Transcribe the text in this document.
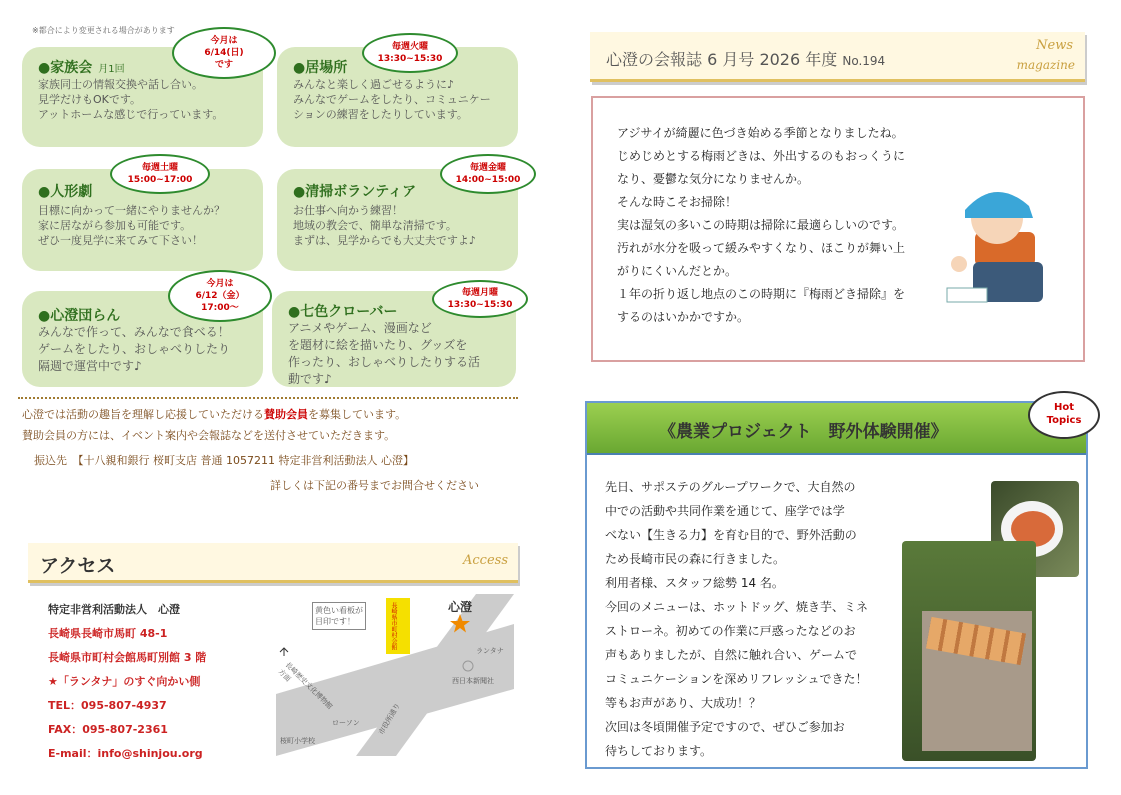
※都合により変更される場合があります
●家族会 月1回
家族同士の情報交換や話し合い。
見学だけもOKです。
アットホームな感じで行っています。
今月は
6/14(日)
です	●居場所
みんなと楽しく過ごせるように♪
みんなでゲームをしたり、コミュニケー
ションの練習をしたりしています。
毎週火曜
13:30~15:30
●人形劇
目標に向かって一緒にやりませんか？
家に居ながら参加も可能です。
ぜひ一度見学に来てみて下さい！
毎週土曜
15:00~17:00
●清掃ボランティア
お仕事へ向かう練習！
地域の教会で、簡単な清掃です。
まずは、見学からでも大丈夫ですよ♪
毎週金曜
14:00~15:00
●心澄団らん
みんなで作って、みんなで食べる！
ゲームをしたり、おしゃべりしたり
隔週で運営中です♪
今月は
6/12（金）
17:00～	●七色クローバー
アニメやゲーム、漫画など
を題材に絵を描いたり、グッズを
作ったり、おしゃべりしたりする活
動です♪
毎週月曜
13:30~15:30
心澄では活動の趣旨を理解し応援していただける賛助会員を募集しています。
賛助会員の方には、イベント案内や会報誌などを送付させていただきます。
振込先　【十八親和銀行 桜町支店 普通 1057211 特定非営利活動法人 心澄】
詳しくは下記の番号までお問合せください
アクセス	Access
特定非営利活動法人　心澄
長崎県長崎市馬町 48-1
長崎県市町村会館馬町別館 3 階
★「ランタナ」のすぐ向かい側
TEL：095-807-4937
FAX：095-807-2361
E-mail：info@shinjou.org
黄色い看板が
目印です！
心澄
長崎県市町村会館
ランタナ
西日本新聞社
ローソン
桜町小学校
長崎歴史文化博物館
方面
市役所通り
心澄の会報誌 6 月号 2026 年度 No.194
News
magazine
アジサイが綺麗に色づき始める季節となりましたね。
じめじめとする梅雨どきは、外出するのもおっくうに
なり、憂鬱な気分になりませんか。
そんな時こそお掃除！
実は湿気の多いこの時期は掃除に最適らしいのです。
汚れが水分を吸って緩みやすくなり、ほこりが舞い上
がりにくいんだとか。
１年の折り返し地点のこの時期に『梅雨どき掃除』を
するのはいかかですか。
《農業プロジェクト　野外体験開催》
先日、サポステのグループワークで、大自然の
中での活動や共同作業を通じて、座学では学
べない【生きる力】を育む目的で、野外活動の
ため長崎市民の森に行きました。
利用者様、スタッフ総勢 14 名。
今回のメニューは、ホットドッグ、焼き芋、ミネ
ストローネ。初めての作業に戸惑ったなどのお
声もありましたが、自然に触れ合い、ゲームで
コミュニケーションを深めリフレッシュできた！
等もお声があり、大成功！？
次回は冬頃開催予定ですので、ぜひご参加お
待ちしております。
Hot
Topics
